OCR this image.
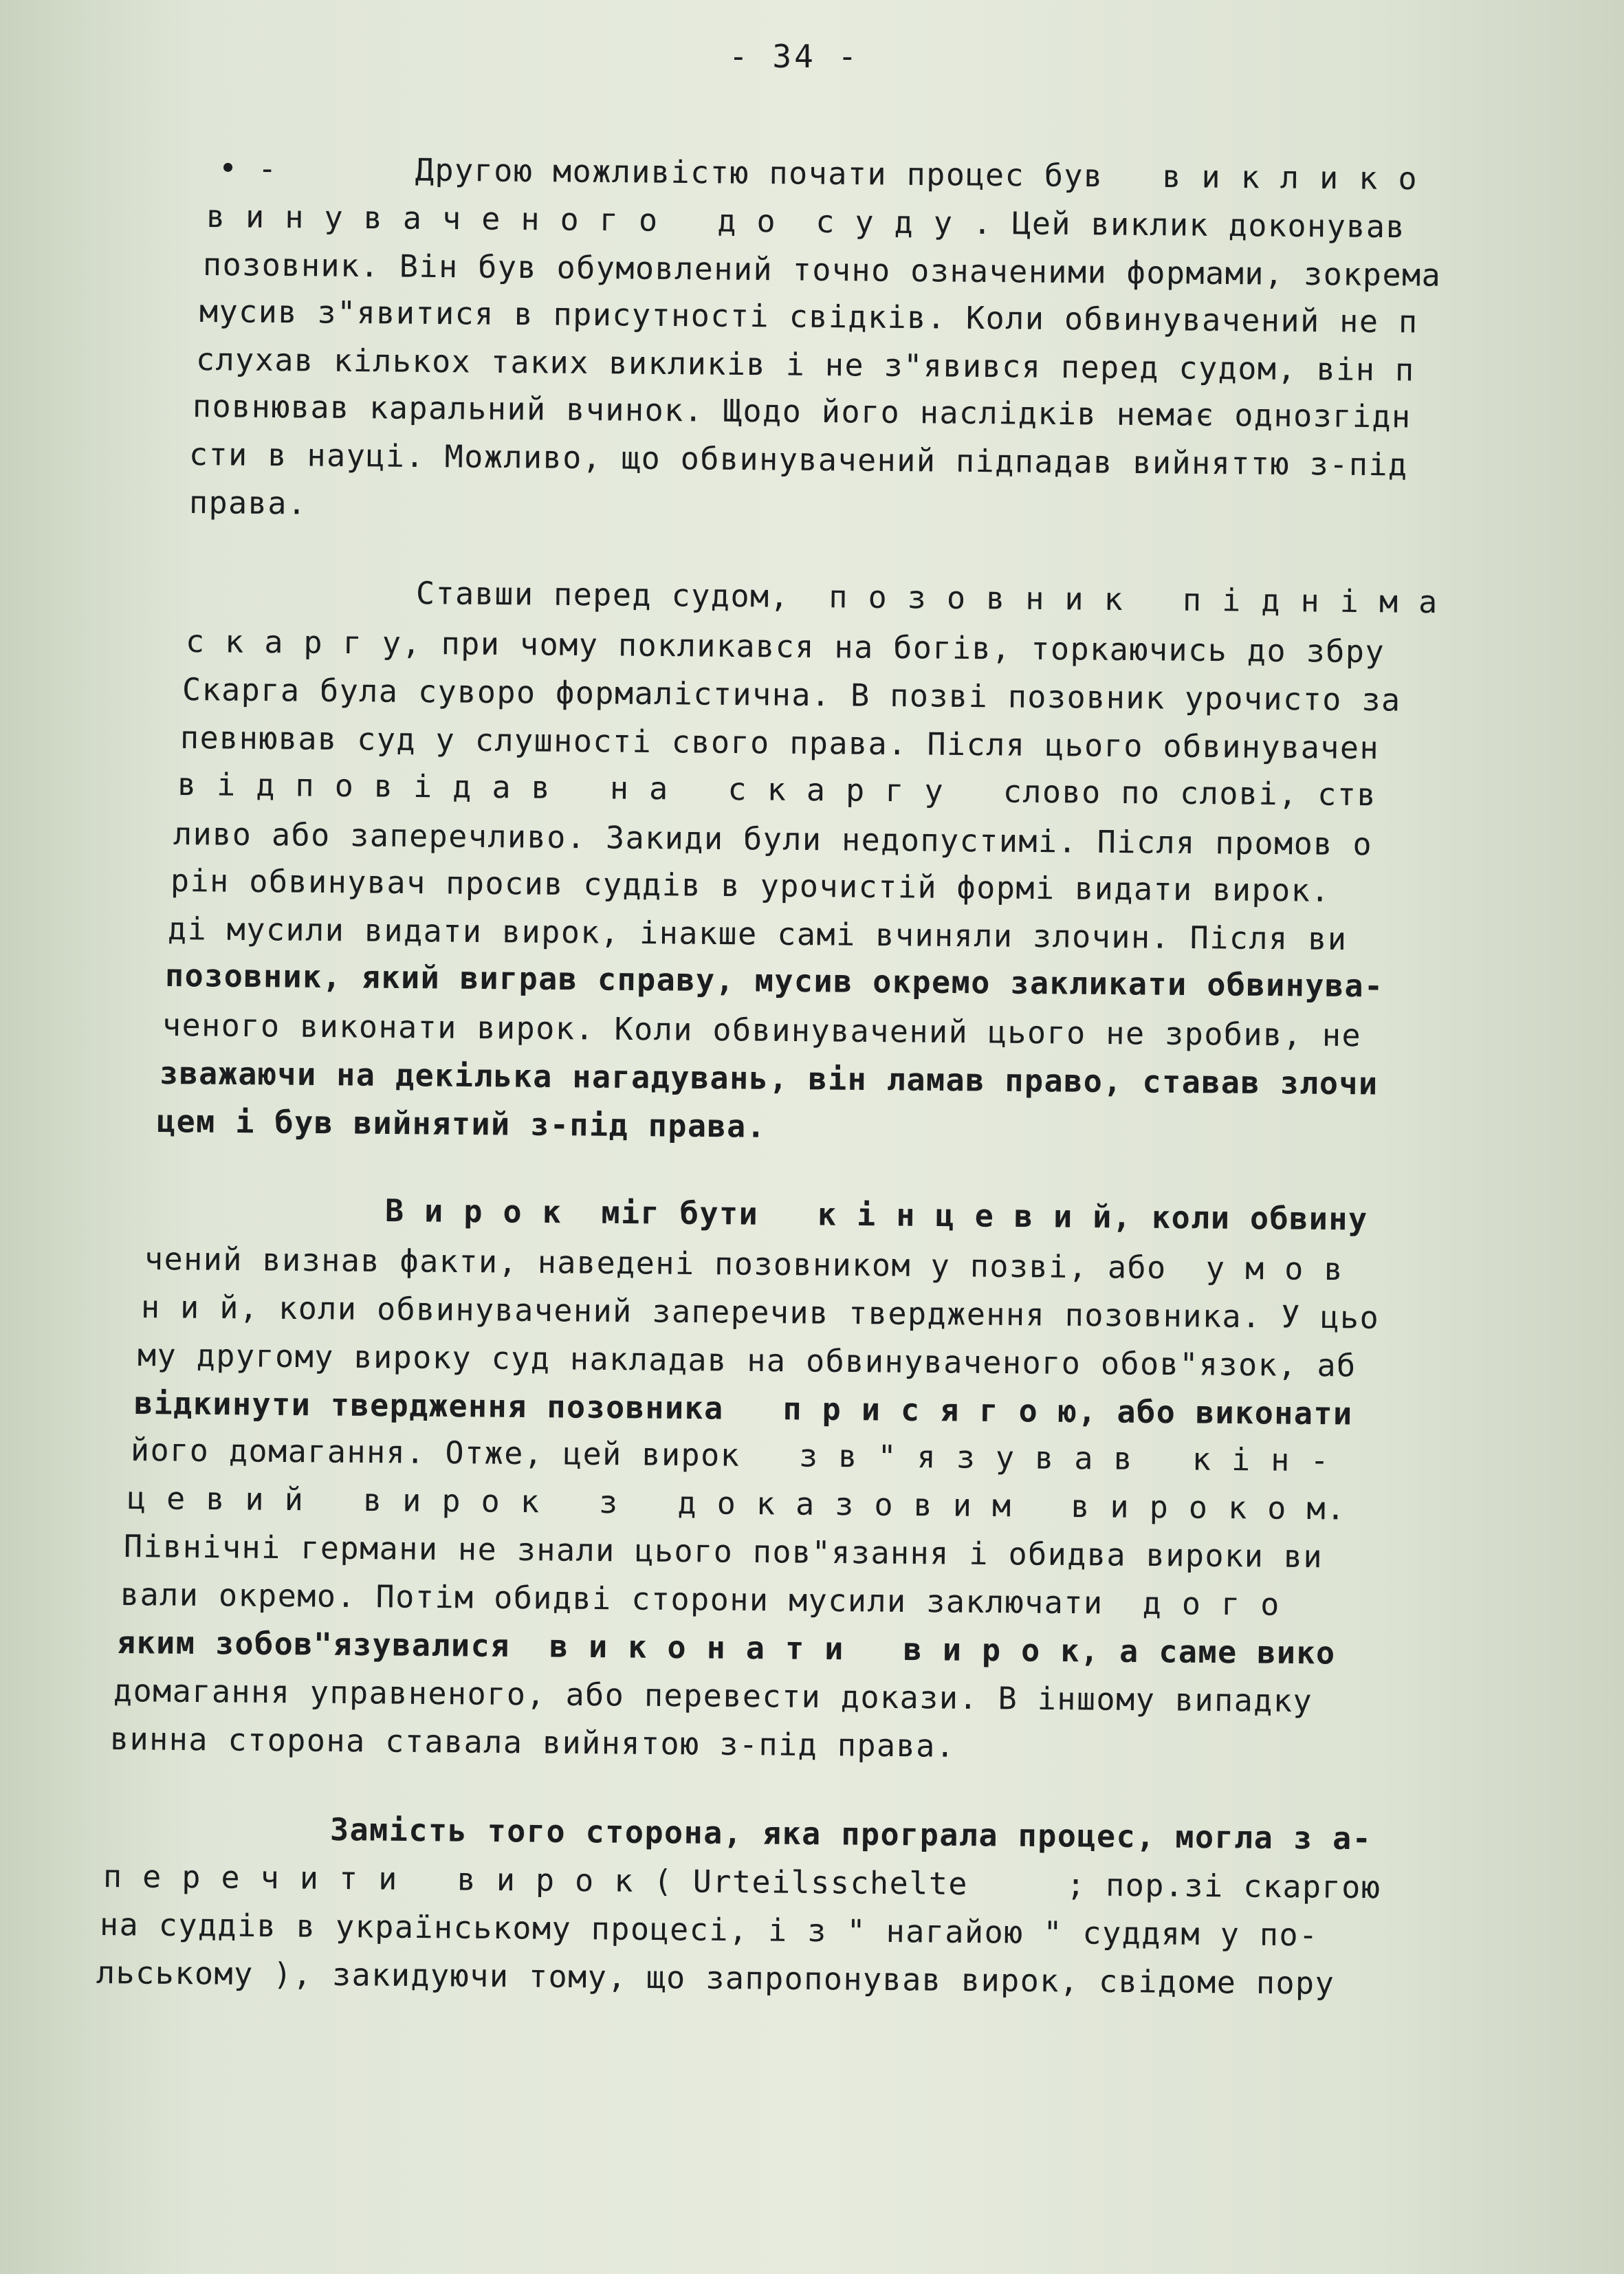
- 34 -
• -       Другою можливістю почати процес був   в и к л и к о
в и н у в а ч е н о г о   д о  с у д у . Цей виклик доконував
позовник. Він був обумовлений точно означеними формами, зокрема
мусив з"явитися в присутності свідків. Коли обвинувачений не п
слухав кількох таких викликів і не з"явився перед судом, він п
повнював каральний вчинок. Щодо його наслідків немає однозгідн
сти в науці. Можливо, що обвинувачений підпадав вийняттю з-під
права.
Ставши перед судом,  п о з о в н и к   п і д н і м а
с к а р г у, при чому покликався на богів, торкаючись до збру
Скарга була суворо формалістична. В позві позовник урочисто за
певнював суд у слушності свого права. Після цього обвинувачен
в і д п о в і д а в   н а   с к а р г у   слово по слові, ств
ливо або заперечливо. Закиди були недопустимі. Після промов о
рін обвинувач просив суддів в урочистій формі видати вирок.
ді мусили видати вирок, інакше самі вчиняли злочин. Після ви
позовник, який виграв справу, мусив окремо закликати обвинува-
ченого виконати вирок. Коли обвинувачений цього не зробив, не
зважаючи на декілька нагадувань, він ламав право, ставав злочи
цем і був вийнятий з-під права.
В и р о к  міг бути   к і н ц е в и й, коли обвину
чений визнав факти, наведені позовником у позві, або  у м о в
н и й, коли обвинувачений заперечив твердження позовника. У цьо
му другому вироку суд накладав на обвинуваченого обов"язок, аб
відкинути твердження позовника   п р и с я г о ю, або виконати
його домагання. Отже, цей вирок   з в " я з у в а в   к і н -
ц е в и й   в и р о к   з   д о к а з о в и м   в и р о к о м.
Північні германи не знали цього пов"язання і обидва вироки ви
вали окремо. Потім обидві сторони мусили заключати  д о г о
яким зобов"язувалися  в и к о н а т и   в и р о к, а саме вико
домагання управненого, або перевести докази. В іншому випадку
винна сторона ставала вийнятою з-під права.
Замість того сторона, яка програла процес, могла з а-
п е р е ч и т и   в и р о к ( Urteilsschelte     ; пор.зі скаргою
на суддів в українському процесі, і з " нагайою " суддям у по-
льському ), закидуючи тому, що запропонував вирок, свідоме пору
